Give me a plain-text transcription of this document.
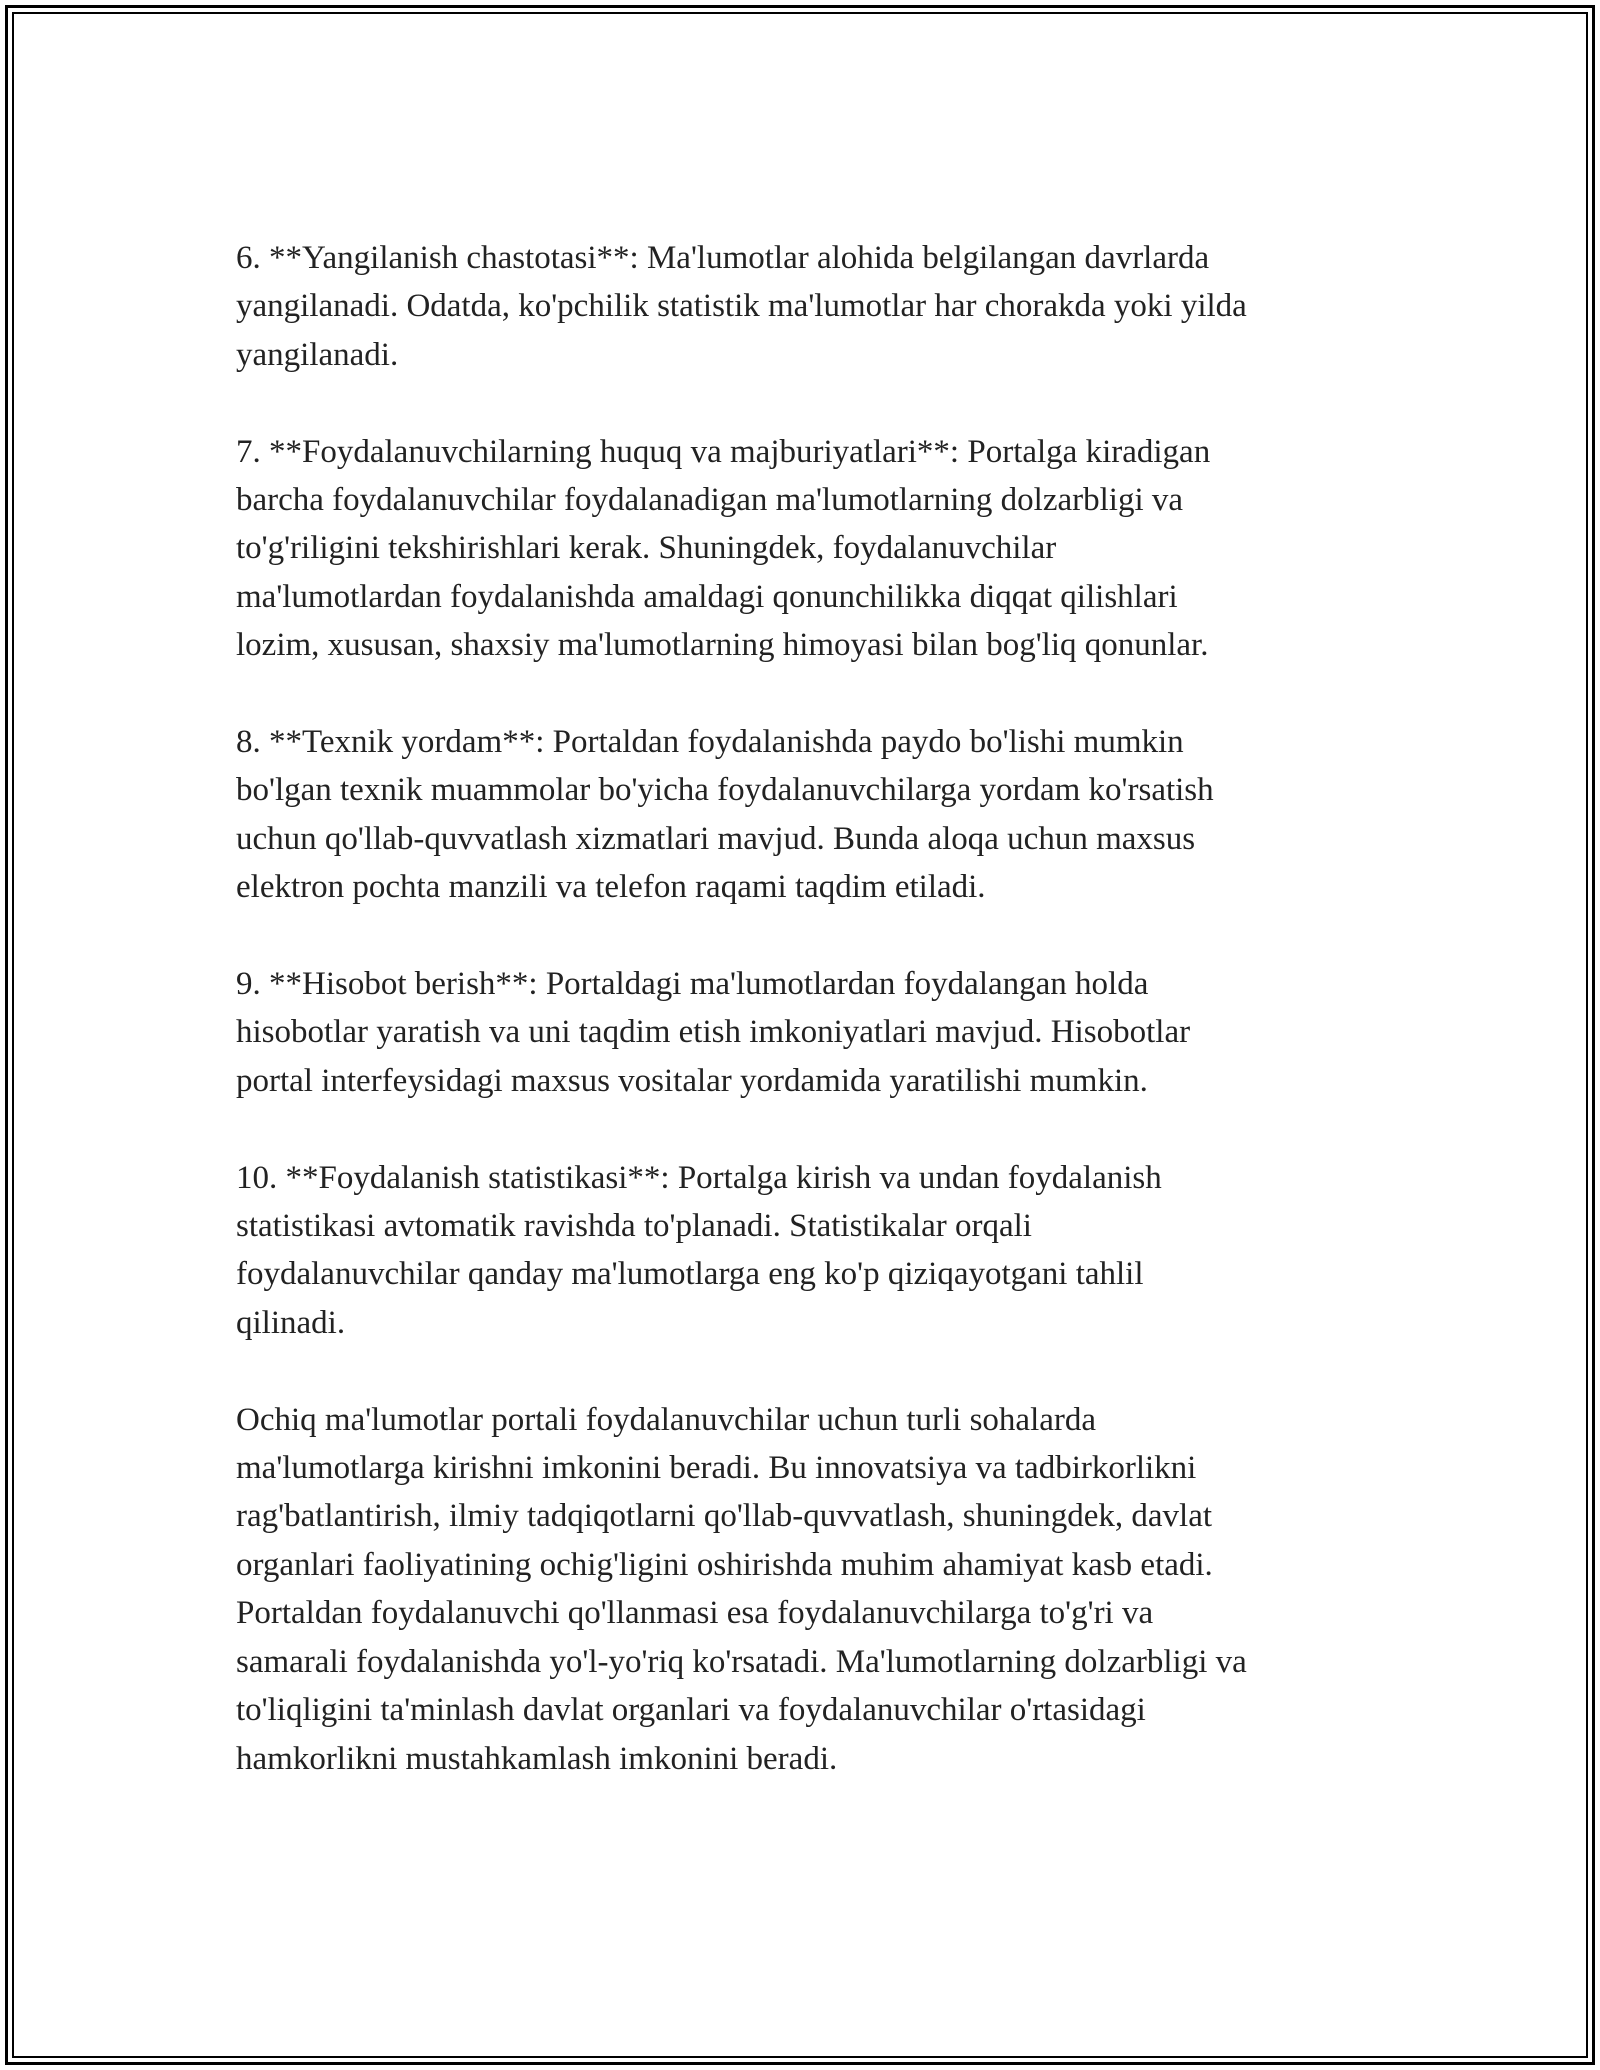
6. **Yangilanish chastotasi**: Ma'lumotlar alohida belgilangan davrlarda
yangilanadi. Odatda, ko'pchilik statistik ma'lumotlar har chorakda yoki yilda
yangilanadi.

7. **Foydalanuvchilarning huquq va majburiyatlari**: Portalga kiradigan
barcha foydalanuvchilar foydalanadigan ma'lumotlarning dolzarbligi va
to'g'riligini tekshirishlari kerak. Shuningdek, foydalanuvchilar
ma'lumotlardan foydalanishda amaldagi qonunchilikka diqqat qilishlari
lozim, xususan, shaxsiy ma'lumotlarning himoyasi bilan bog'liq qonunlar.

8. **Texnik yordam**: Portaldan foydalanishda paydo bo'lishi mumkin
bo'lgan texnik muammolar bo'yicha foydalanuvchilarga yordam ko'rsatish
uchun qo'llab-quvvatlash xizmatlari mavjud. Bunda aloqa uchun maxsus
elektron pochta manzili va telefon raqami taqdim etiladi.

9. **Hisobot berish**: Portaldagi ma'lumotlardan foydalangan holda
hisobotlar yaratish va uni taqdim etish imkoniyatlari mavjud. Hisobotlar
portal interfeysidagi maxsus vositalar yordamida yaratilishi mumkin.

10. **Foydalanish statistikasi**: Portalga kirish va undan foydalanish
statistikasi avtomatik ravishda to'planadi. Statistikalar orqali
foydalanuvchilar qanday ma'lumotlarga eng ko'p qiziqayotgani tahlil
qilinadi.

Ochiq ma'lumotlar portali foydalanuvchilar uchun turli sohalarda
ma'lumotlarga kirishni imkonini beradi. Bu innovatsiya va tadbirkorlikni
rag'batlantirish, ilmiy tadqiqotlarni qo'llab-quvvatlash, shuningdek, davlat
organlari faoliyatining ochig'ligini oshirishda muhim ahamiyat kasb etadi.
Portaldan foydalanuvchi qo'llanmasi esa foydalanuvchilarga to'g'ri va
samarali foydalanishda yo'l-yo'riq ko'rsatadi. Ma'lumotlarning dolzarbligi va
to'liqligini ta'minlash davlat organlari va foydalanuvchilar o'rtasidagi
hamkorlikni mustahkamlash imkonini beradi.
